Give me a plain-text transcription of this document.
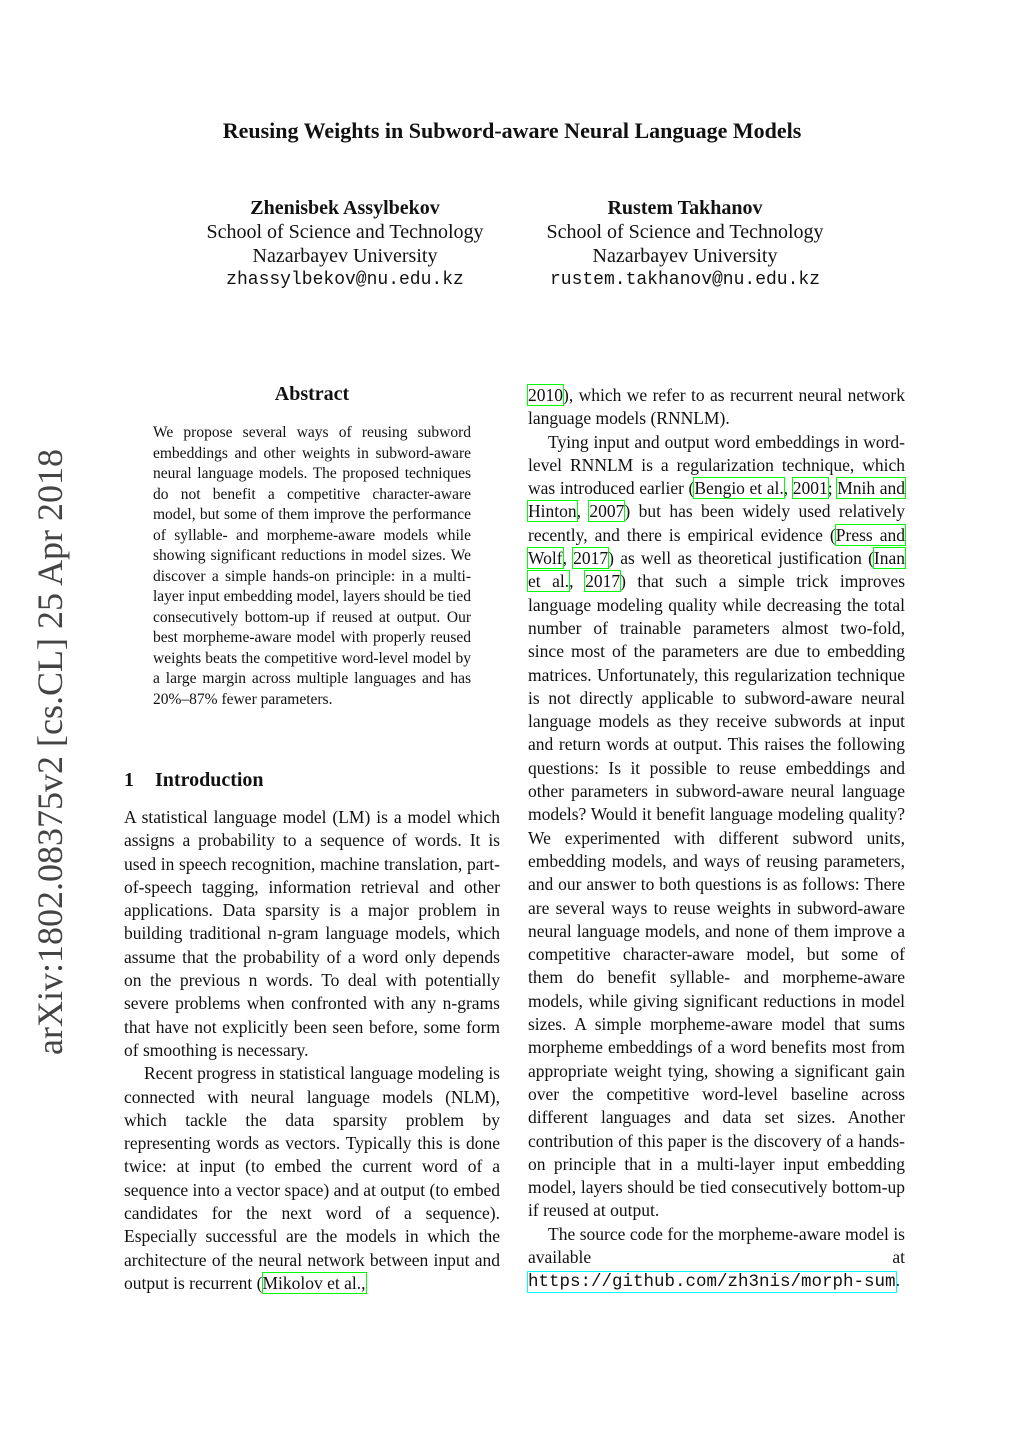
arXiv:1802.08375v2 [cs.CL] 25 Apr 2018
Reusing Weights in Subword-aware Neural Language Models
Zhenisbek Assylbekov
School of Science and Technology
Nazarbayev University
zhassylbekov@nu.edu.kz
Rustem Takhanov
School of Science and Technology
Nazarbayev University
rustem.takhanov@nu.edu.kz
Abstract
We propose several ways of reusing subword embeddings and other weights in subword-aware neural language models. The proposed techniques do not benefit a competitive character-aware model, but some of them improve the performance of syllable- and morpheme-aware models while showing significant reductions in model sizes. We discover a simple hands-on principle: in a multi-layer input embedding model, layers should be tied consecutively bottom-up if reused at output. Our best morpheme-aware model with properly reused weights beats the competitive word-level model by a large margin across multiple languages and has 20%–87% fewer parameters.
1 Introduction

A statistical language model (LM) is a model which assigns a probability to a sequence of words. It is used in speech recognition, machine translation, part-of-speech tagging, information retrieval and other applications. Data sparsity is a major problem in building traditional n-gram language models, which assume that the probability of a word only depends on the previous n words. To deal with potentially severe problems when confronted with any n-grams that have not explicitly been seen before, some form of smoothing is necessary.

Recent progress in statistical language modeling is connected with neural language models (NLM), which tackle the data sparsity problem by representing words as vectors. Typically this is done twice: at input (to embed the current word of a sequence into a vector space) and at output (to embed candidates for the next word of a sequence). Especially successful are the models in which the architecture of the neural network between input and output is recurrent (Mikolov et al.,

2010), which we refer to as recurrent neural network language models (RNNLM).

Tying input and output word embeddings in word-level RNNLM is a regularization technique, which was introduced earlier (Bengio et al., 2001; Mnih and Hinton, 2007) but has been widely used relatively recently, and there is empirical evidence (Press and Wolf, 2017) as well as theoretical justification (Inan et al., 2017) that such a simple trick improves language modeling quality while decreasing the total number of trainable parameters almost two-fold, since most of the parameters are due to embedding matrices. Unfortunately, this regularization technique is not directly applicable to subword-aware neural language models as they receive subwords at input and return words at output. This raises the following questions: Is it possible to reuse embeddings and other parameters in subword-aware neural language models? Would it benefit language modeling quality? We experimented with different subword units, embedding models, and ways of reusing parameters, and our answer to both questions is as follows: There are several ways to reuse weights in subword-aware neural language models, and none of them improve a competitive character-aware model, but some of them do benefit syllable- and morpheme-aware models, while giving significant reductions in model sizes. A simple morpheme-aware model that sums morpheme embeddings of a word benefits most from appropriate weight tying, showing a significant gain over the competitive word-level baseline across different languages and data set sizes. Another contribution of this paper is the discovery of a hands-on principle that in a multi-layer input embedding model, layers should be tied consecutively bottom-up if reused at output.

The source code for the morpheme-aware model is available at https://github.com/zh3nis/morph-sum.
